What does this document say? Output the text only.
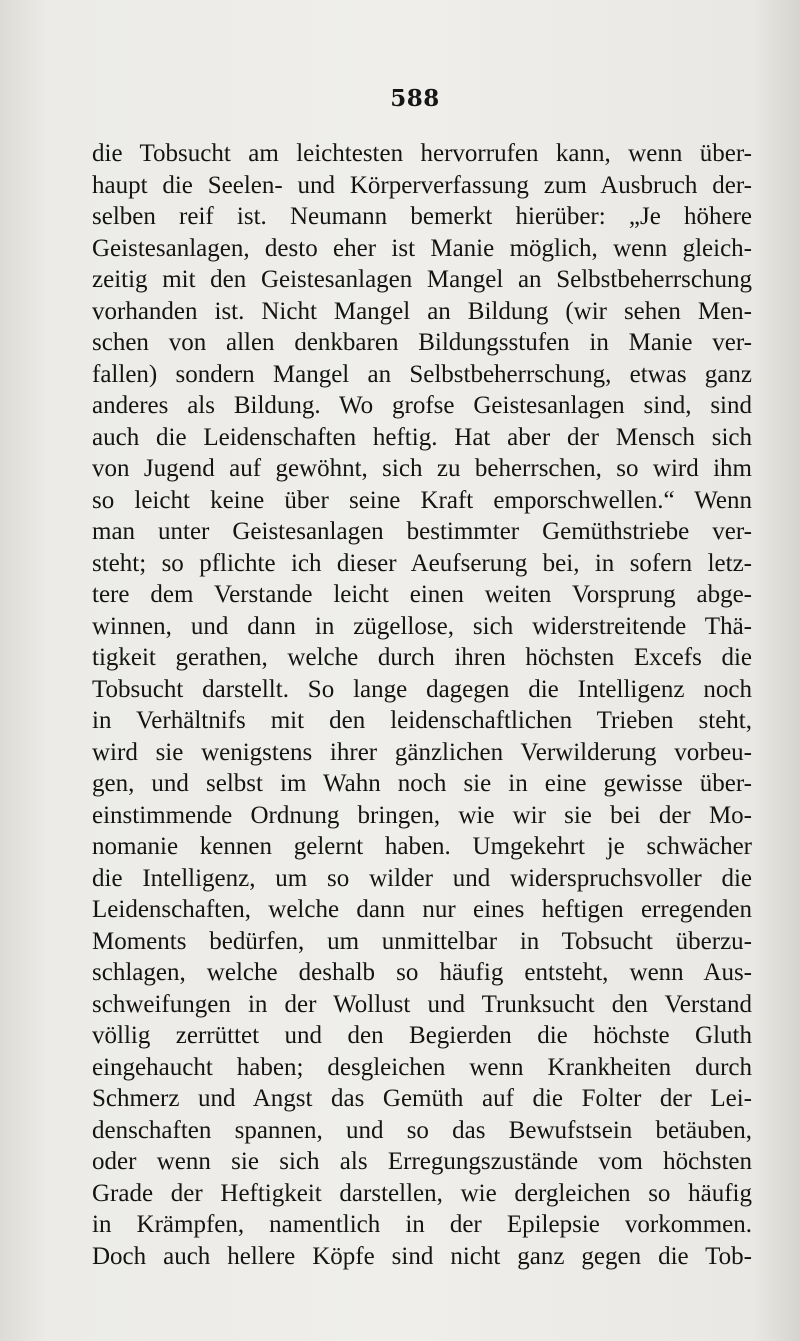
588
die Tobsucht am leichtesten hervorrufen kann, wenn über-
haupt die Seelen- und Körperverfassung zum Ausbruch der-
selben reif ist. Neumann bemerkt hierüber: „Je höhere
Geistesanlagen, desto eher ist Manie möglich, wenn gleich-
zeitig mit den Geistesanlagen Mangel an Selbstbeherrschung
vorhanden ist. Nicht Mangel an Bildung (wir sehen Men-
schen von allen denkbaren Bildungsstufen in Manie ver-
fallen) sondern Mangel an Selbstbeherrschung, etwas ganz
anderes als Bildung. Wo grofse Geistesanlagen sind, sind
auch die Leidenschaften heftig. Hat aber der Mensch sich
von Jugend auf gewöhnt, sich zu beherrschen, so wird ihm
so leicht keine über seine Kraft emporschwellen.“ Wenn
man unter Geistesanlagen bestimmter Gemüthstriebe ver-
steht; so pflichte ich dieser Aeufserung bei, in sofern letz-
tere dem Verstande leicht einen weiten Vorsprung abge-
winnen, und dann in zügellose, sich widerstreitende Thä-
tigkeit gerathen, welche durch ihren höchsten Excefs die
Tobsucht darstellt. So lange dagegen die Intelligenz noch
in Verhältnifs mit den leidenschaftlichen Trieben steht,
wird sie wenigstens ihrer gänzlichen Verwilderung vorbeu-
gen, und selbst im Wahn noch sie in eine gewisse über-
einstimmende Ordnung bringen, wie wir sie bei der Mo-
nomanie kennen gelernt haben. Umgekehrt je schwächer
die Intelligenz, um so wilder und widerspruchsvoller die
Leidenschaften, welche dann nur eines heftigen erregenden
Moments bedürfen, um unmittelbar in Tobsucht überzu-
schlagen, welche deshalb so häufig entsteht, wenn Aus-
schweifungen in der Wollust und Trunksucht den Verstand
völlig zerrüttet und den Begierden die höchste Gluth
eingehaucht haben; desgleichen wenn Krankheiten durch
Schmerz und Angst das Gemüth auf die Folter der Lei-
denschaften spannen, und so das Bewufstsein betäuben,
oder wenn sie sich als Erregungszustände vom höchsten
Grade der Heftigkeit darstellen, wie dergleichen so häufig
in Krämpfen, namentlich in der Epilepsie vorkommen.
Doch auch hellere Köpfe sind nicht ganz gegen die Tob-
